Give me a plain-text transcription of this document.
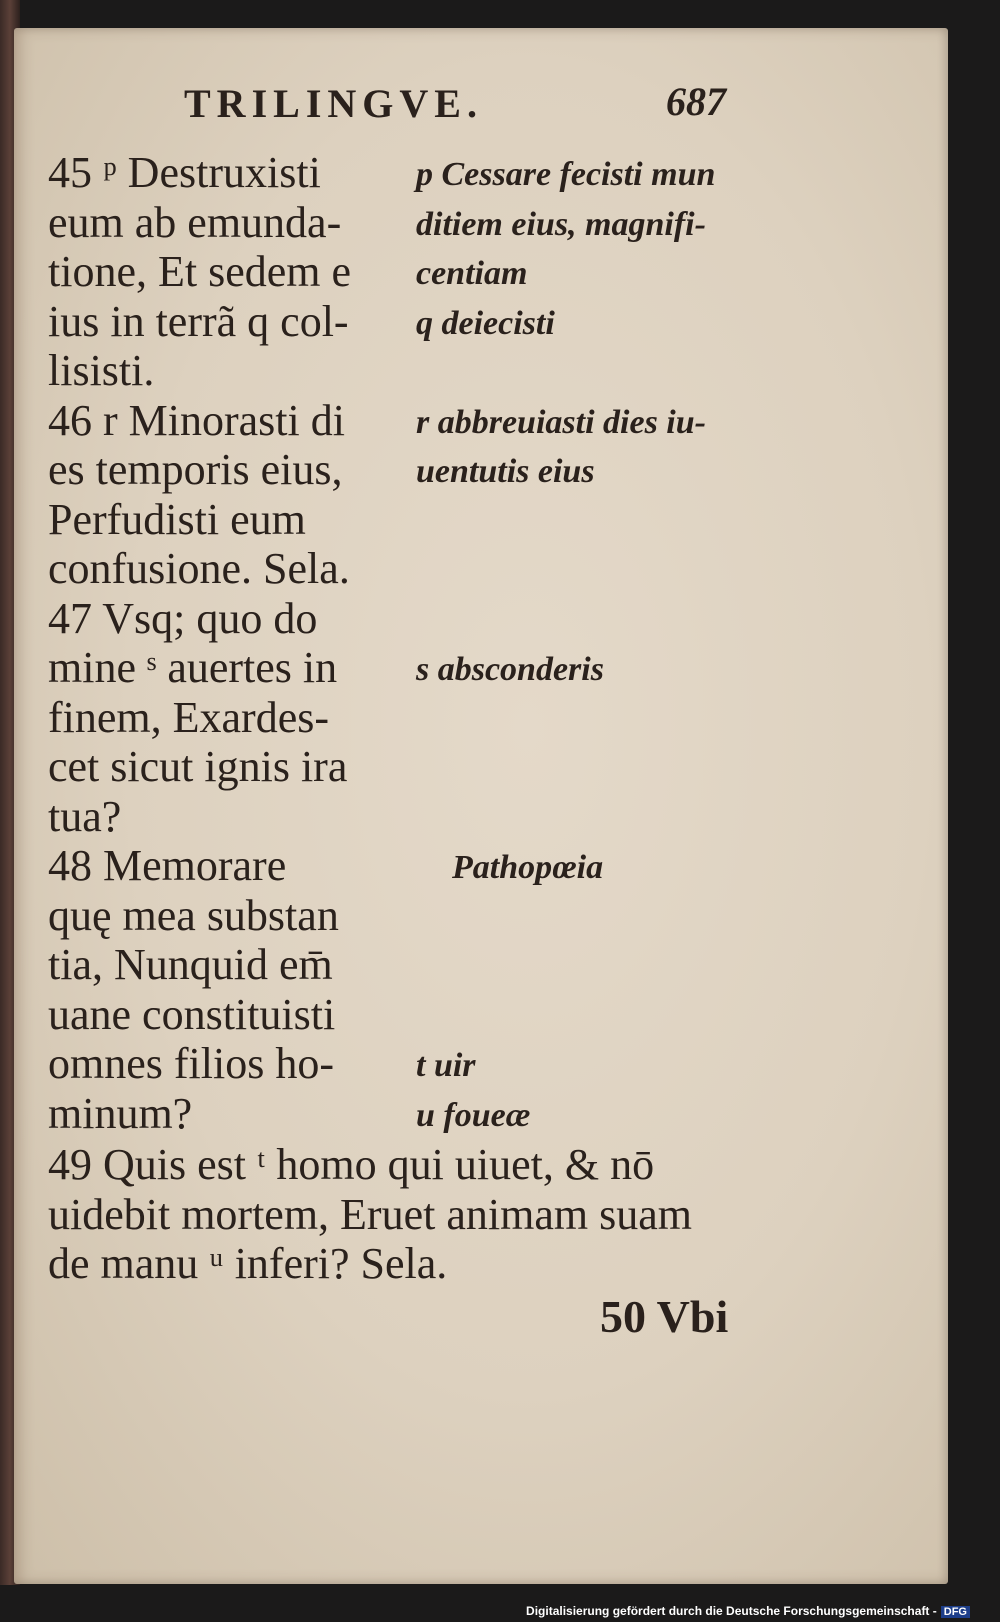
TRILINGVE.	687
45 ᵖ Destruxisti
eum ab emunda-
tione, Et sedem e
ius in terrã q col-
lisisti.
46 r Minorasti di
es temporis eius,
Perfudisti eum
confusione. Sela.
47 Vsq; quo do
mine ˢ auertes in
finem, Exardes-
cet sicut ignis ira
tua?
48 Memorare
quę mea substan
tia, Nunquid em̄
uane constituisti
omnes filios ho-
minum?
p Cessare fecisti mun
ditiem eius, magnifi-
centiam
q deiecisti
r abbreuiasti dies iu-
uentutis eius
s absconderis
Pathopœia
t uir
u foueæ
49 Quis est ᵗ homo qui uiuet, & nō
uidebit mortem, Eruet animam suam
de manu ᵘ inferi? Sela.
50 Vbi
Digitalisierung gefördert durch die Deutsche Forschungsgemeinschaft - DFG
